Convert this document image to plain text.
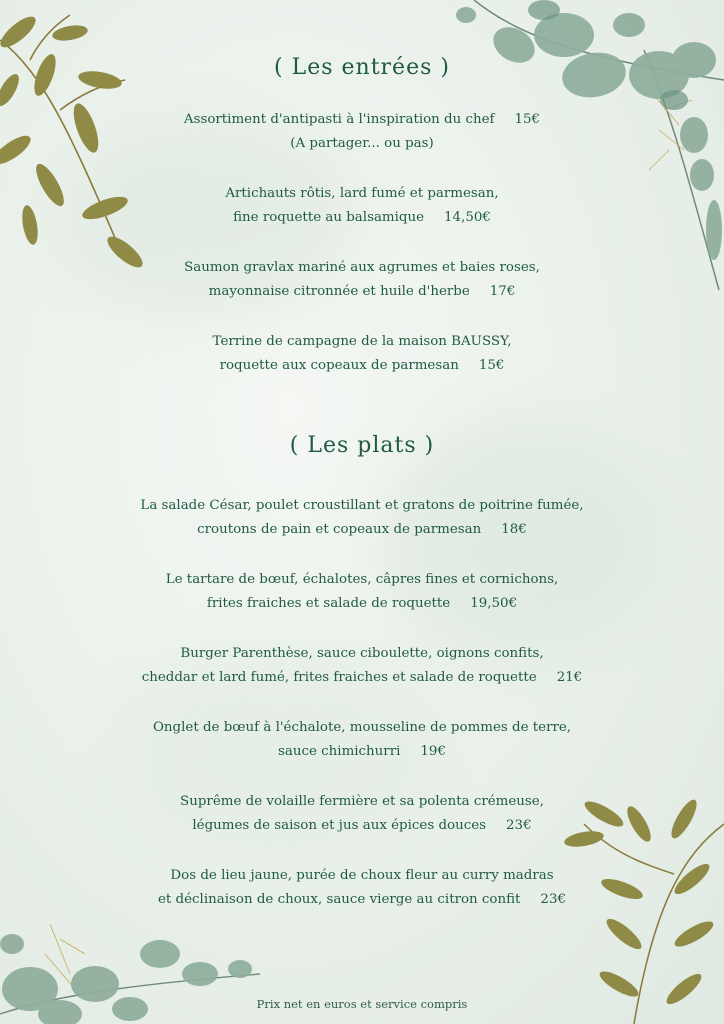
( Les entrées )
Assortiment d'antipasti à l'inspiration du chef 15€
(A partager... ou pas)
Artichauts rôtis, lard fumé et parmesan,
fine roquette au balsamique 14,50€
Saumon gravlax mariné aux agrumes et baies roses,
mayonnaise citronnée et huile d'herbe 17€
Terrine de campagne de la maison BAUSSY,
roquette aux copeaux de parmesan 15€
( Les plats )
La salade César, poulet croustillant et gratons de poitrine fumée,
croutons de pain et copeaux de parmesan 18€
Le tartare de bœuf, échalotes, câpres fines et cornichons,
frites fraiches et salade de roquette 19,50€
Burger Parenthèse, sauce ciboulette, oignons confits,
cheddar et lard fumé, frites fraiches et salade de roquette 21€
Onglet de bœuf à l'échalote, mousseline de pommes de terre,
sauce chimichurri 19€
Suprême de volaille fermière et sa polenta crémeuse,
légumes de saison et jus aux épices douces 23€
Dos de lieu jaune, purée de choux fleur au curry madras
et déclinaison de choux, sauce vierge au citron confit 23€
Prix net en euros et service compris
